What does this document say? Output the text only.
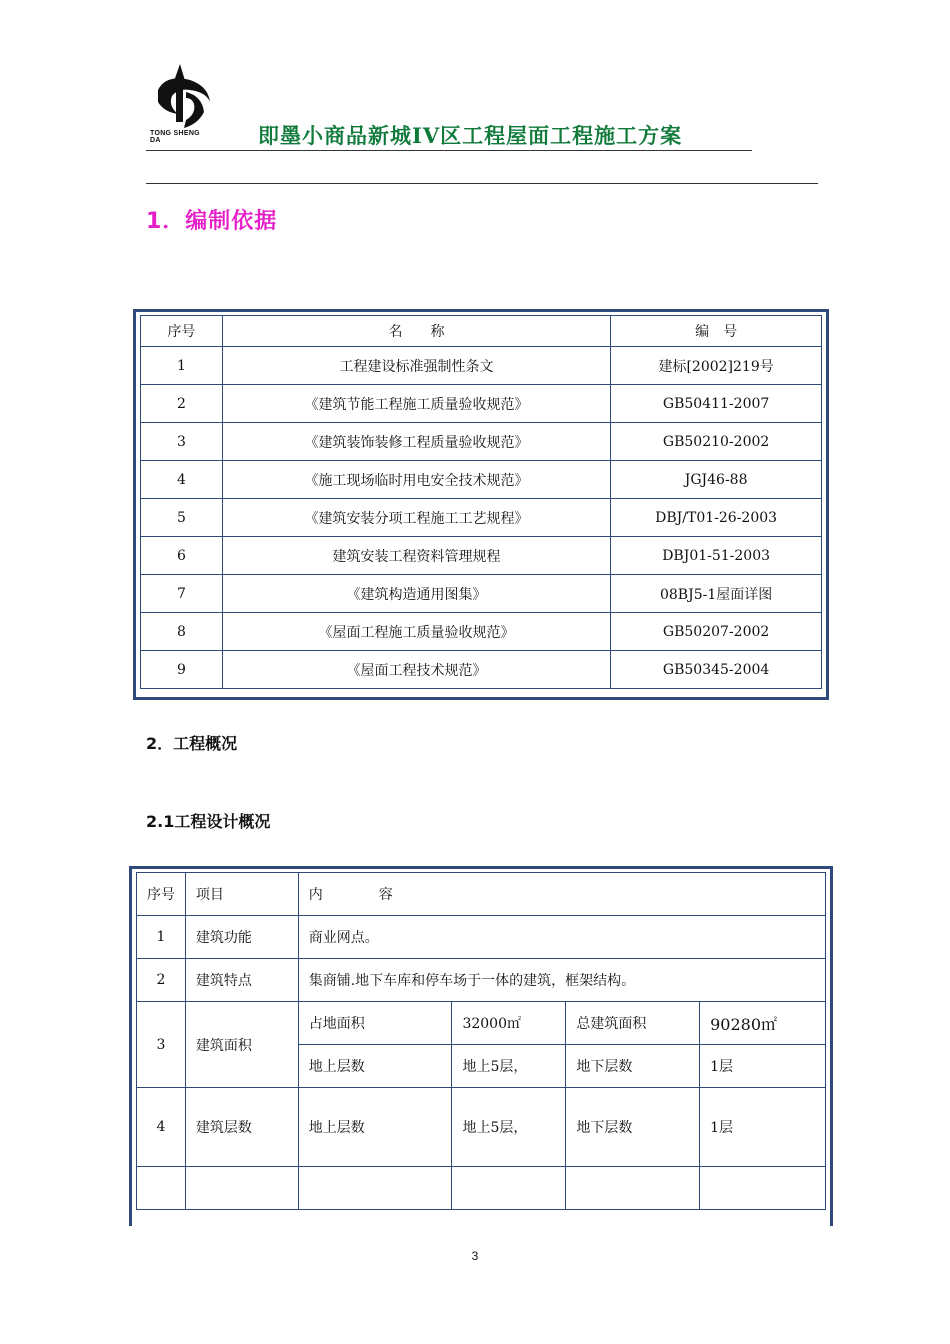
TONG SHENG DA	即墨小商品新城IV区工程屋面工程施工方案
1．编制依据
序号	名　　称	编　号
1	工程建设标准强制性条文	建标[2002]219号
2	《建筑节能工程施工质量验收规范》	GB50411-2007
3	《建筑装饰装修工程质量验收规范》	GB50210-2002
4	《施工现场临时用电安全技术规范》	JGJ46-88
5	《建筑安装分项工程施工工艺规程》	DBJ/T01-26-2003
6	建筑安装工程资料管理规程	DBJ01-51-2003
7	《建筑构造通用图集》	08BJ5-1屋面详图
8	《屋面工程施工质量验收规范》	GB50207-2002
9	《屋面工程技术规范》	GB50345-2004
2．工程概况
2.1工程设计概况
序号	项目	内　　　　容			
1	建筑功能	商业网点。			
2	建筑特点	集商铺.地下车库和停车场于一体的建筑，框架结构。			
3	建筑面积	占地面积	32000㎡	总建筑面积	90280㎡
		地上层数	地上5层，	地下层数	1层
4	建筑层数	地上层数	地上5层，	地下层数	1层

3
